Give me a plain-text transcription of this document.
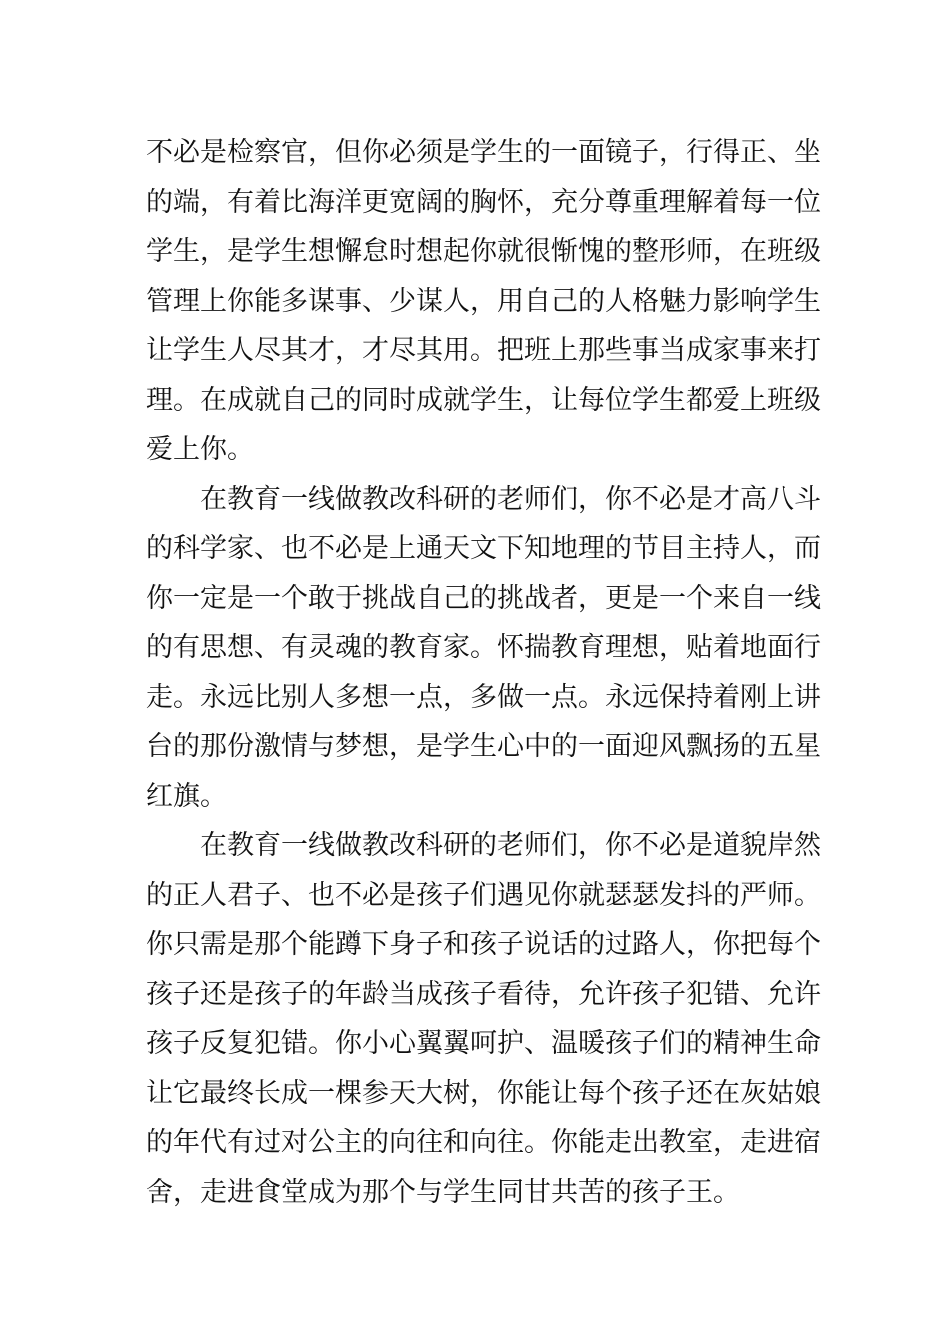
不必是检察官，但你必须是学生的一面镜子，行得正、坐
的端，有着比海洋更宽阔的胸怀，充分尊重理解着每一位
学生，是学生想懈怠时想起你就很惭愧的整形师，在班级
管理上你能多谋事、少谋人，用自己的人格魅力影响学生
让学生人尽其才，才尽其用。把班上那些事当成家事来打
理。在成就自己的同时成就学生，让每位学生都爱上班级
爱上你。
在教育一线做教改科研的老师们，你不必是才高八斗
的科学家、也不必是上通天文下知地理的节目主持人，而
你一定是一个敢于挑战自己的挑战者，更是一个来自一线
的有思想、有灵魂的教育家。怀揣教育理想，贴着地面行
走。永远比别人多想一点，多做一点。永远保持着刚上讲
台的那份激情与梦想，是学生心中的一面迎风飘扬的五星
红旗。
在教育一线做教改科研的老师们，你不必是道貌岸然
的正人君子、也不必是孩子们遇见你就瑟瑟发抖的严师。
你只需是那个能蹲下身子和孩子说话的过路人，你把每个
孩子还是孩子的年龄当成孩子看待，允许孩子犯错、允许
孩子反复犯错。你小心翼翼呵护、温暖孩子们的精神生命
让它最终长成一棵参天大树，你能让每个孩子还在灰姑娘
的年代有过对公主的向往和向往。你能走出教室，走进宿
舍，走进食堂成为那个与学生同甘共苦的孩子王。
